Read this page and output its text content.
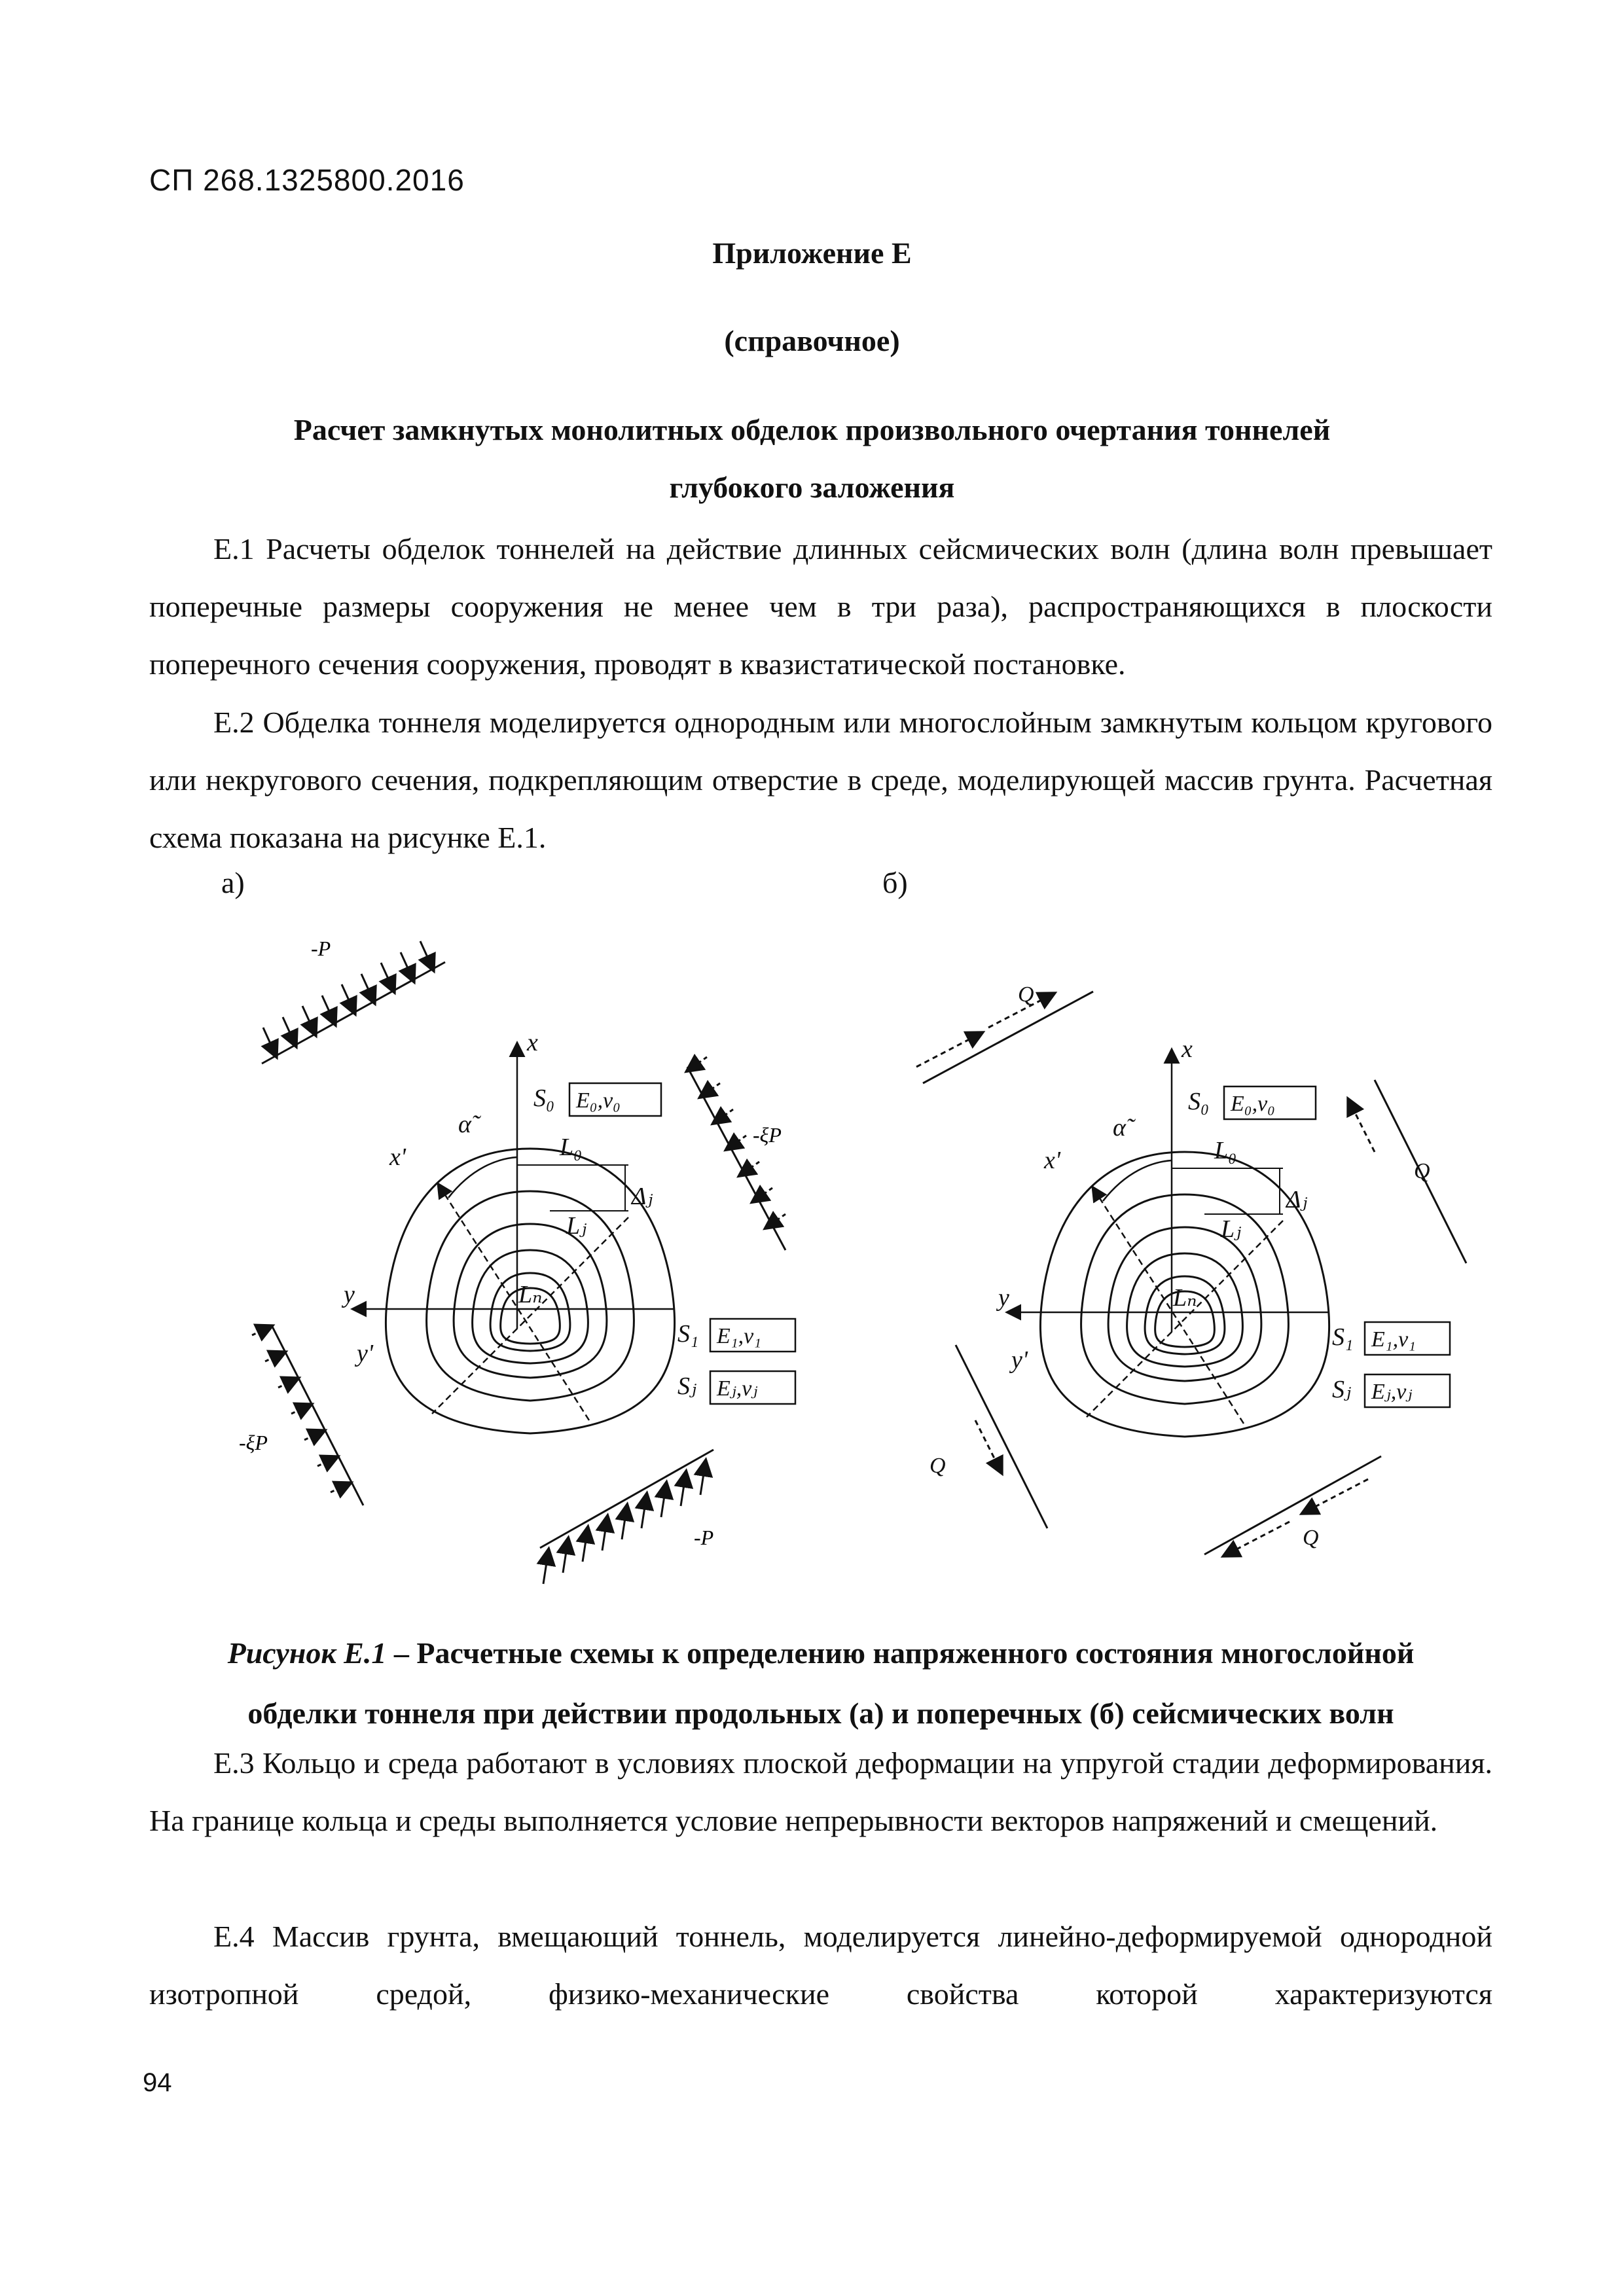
СП 268.1325800.2016
Приложение Е
(справочное)
Расчет замкнутых монолитных обделок произвольного очертания тоннелей
глубокого заложения
Е.1 Расчеты обделок тоннелей на действие длинных сейсмических волн (длина волн превышает поперечные размеры сооружения не менее чем в три раза), распространяющихся в плоскости поперечного сечения сооружения, проводят в квазистатической постановке.
Е.2 Обделка тоннеля моделируется однородным или многослойным замкнутым кольцом кругового или некругового сечения, подкрепляющим отверстие в среде, моделирующей массив грунта. Расчетная схема показана на рисунке Е.1.
а)	б)
x
y
x'
y'
α̃
S₀
L₀
Δⱼ
Lⱼ
Lₙ
S₁
Sⱼ
E₀,ν₀
E₁,ν₁
Eⱼ,νⱼ
-P
-P
-ξP
-ξP
x
y
x'
y'
α̃
S₀
L₀
Δⱼ
Lⱼ
Lₙ
S₁
Sⱼ
E₀,ν₀
E₁,ν₁
Eⱼ,νⱼ
Q
Q
Q
Q
Рисунок Е.1 – Расчетные схемы к определению напряженного состояния многослойной
обделки тоннеля при действии продольных (а) и поперечных (б) сейсмических волн
Е.3 Кольцо и среда работают в условиях плоской деформации на упругой стадии деформирования. На границе кольца и среды выполняется условие непрерывности векторов напряжений и смещений.
Е.4 Массив грунта, вмещающий тоннель, моделируется линейно-деформируемой однородной изотропной средой, физико-механические свойства которой характеризуются
94
